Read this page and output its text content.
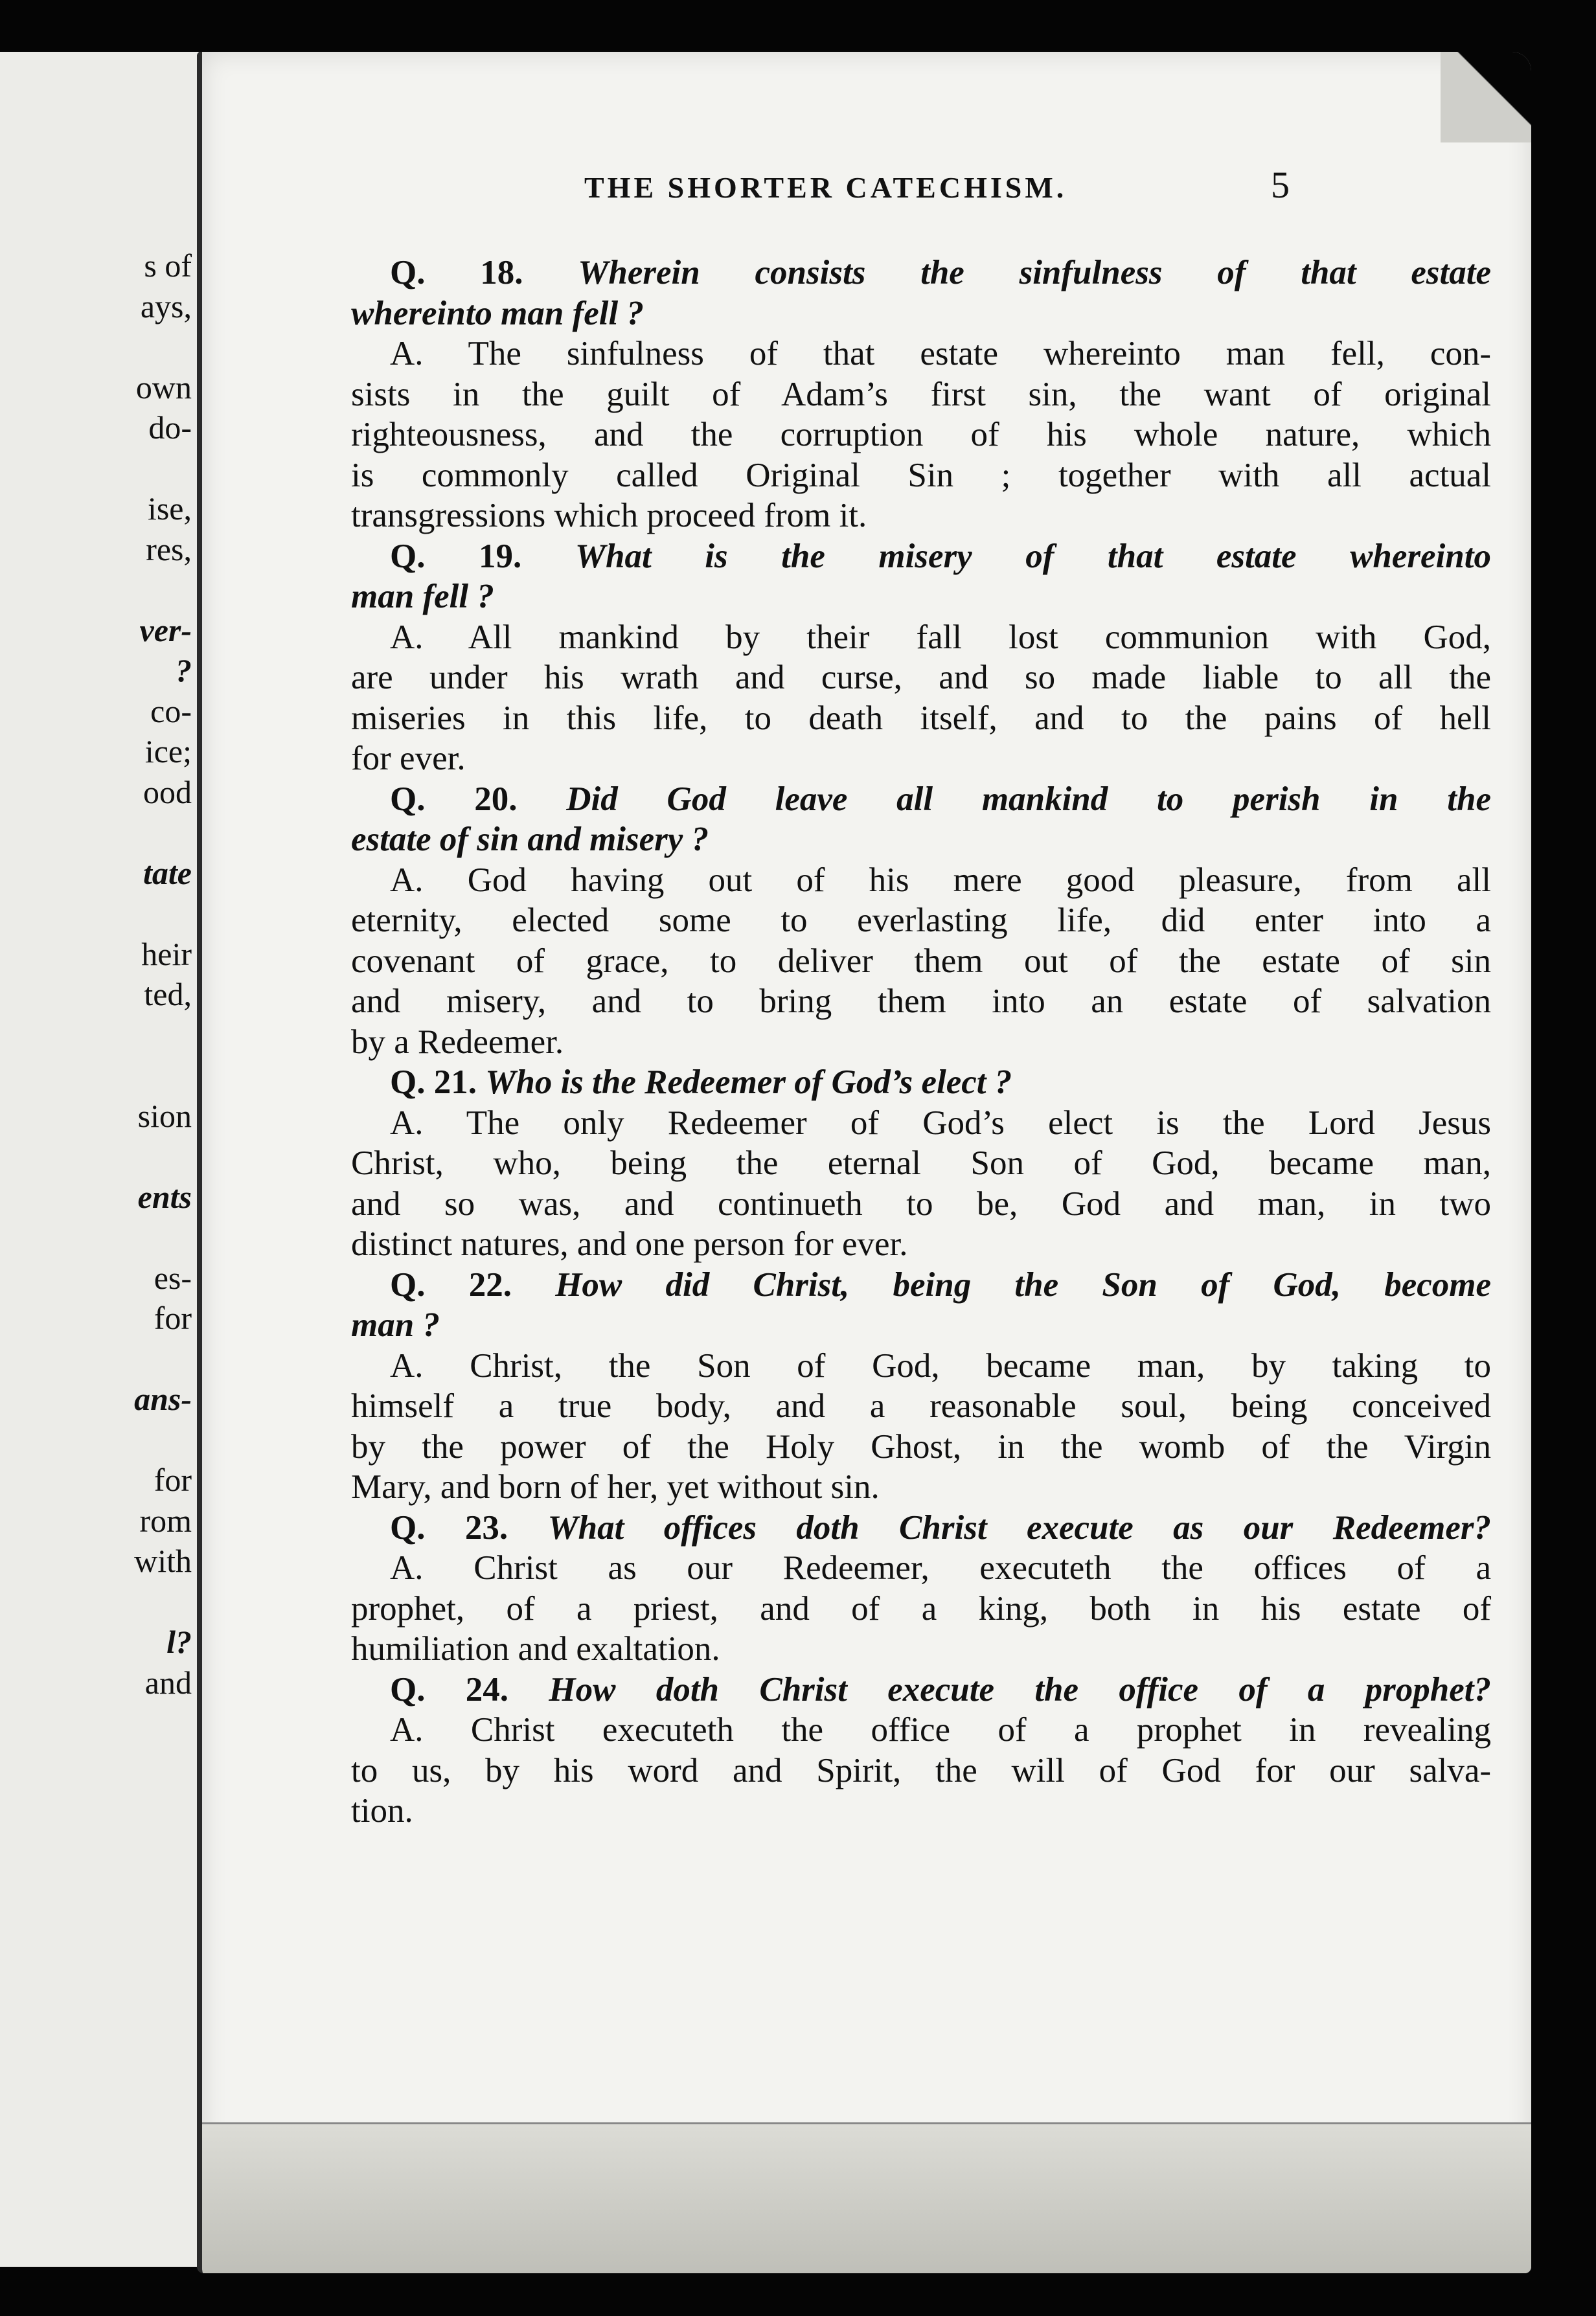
s of
ays,
own
do-
ise,
res,
ver-
?
co-
ice;
ood
tate
heir
ted,
sion
ents
es-
for
ans-
for
rom
with
l?
and
THE SHORTER CATECHISM.	5
Q. 18. Wherein consists the sinfulness of that estate
whereinto man fell ?
A. The sinfulness of that estate whereinto man fell, con-
sists in the guilt of Adam’s first sin, the want of original
righteousness, and the corruption of his whole nature, which
is commonly called Original Sin ; together with all actual
transgressions which proceed from it.
Q. 19. What is the misery of that estate whereinto
man fell ?
A. All mankind by their fall lost communion with God,
are under his wrath and curse, and so made liable to all the
miseries in this life, to death itself, and to the pains of hell
for ever.
Q. 20. Did God leave all mankind to perish in the
estate of sin and misery ?
A. God having out of his mere good pleasure, from all
eternity, elected some to everlasting life, did enter into a
covenant of grace, to deliver them out of the estate of sin
and misery, and to bring them into an estate of salvation
by a Redeemer.
Q. 21. Who is the Redeemer of God’s elect ?
A. The only Redeemer of God’s elect is the Lord Jesus
Christ, who, being the eternal Son of God, became man,
and so was, and continueth to be, God and man, in two
distinct natures, and one person for ever.
Q. 22. How did Christ, being the Son of God, become
man ?
A. Christ, the Son of God, became man, by taking to
himself a true body, and a reasonable soul, being conceived
by the power of the Holy Ghost, in the womb of the Virgin
Mary, and born of her, yet without sin.
Q. 23. What offices doth Christ execute as our Redeemer?
A. Christ as our Redeemer, executeth the offices of a
prophet, of a priest, and of a king, both in his estate of
humiliation and exaltation.
Q. 24. How doth Christ execute the office of a prophet?
A. Christ executeth the office of a prophet in revealing
to us, by his word and Spirit, the will of God for our salva-
tion.
